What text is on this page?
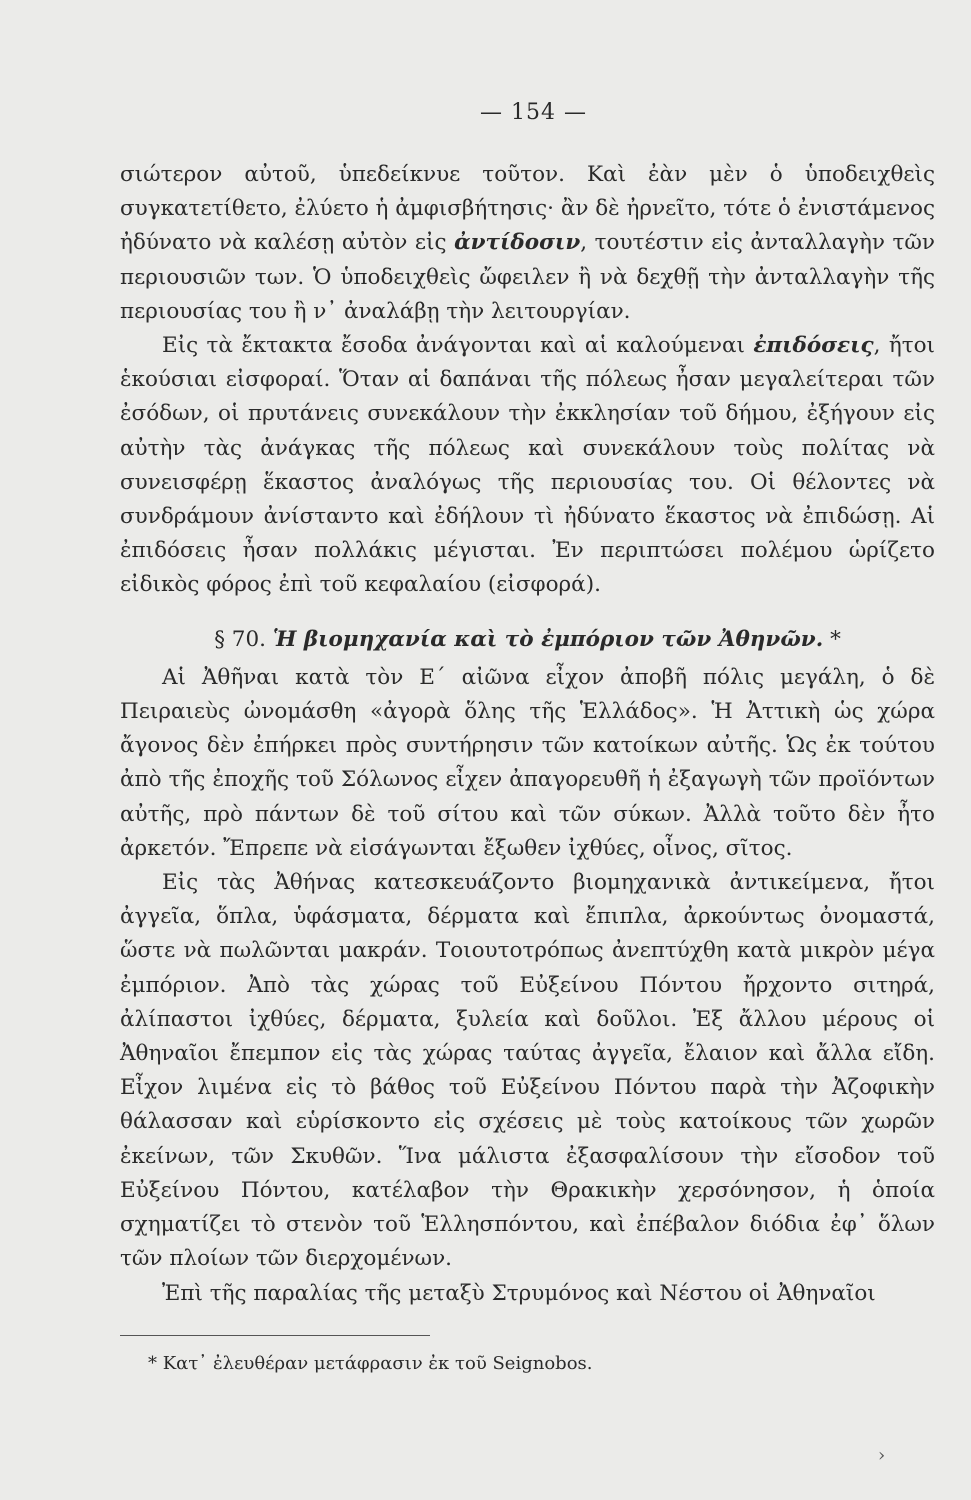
— 154 —

σιώτερον αὐτοῦ, ὑπεδείκνυε τοῦτον. Καὶ ἐὰν μὲν ὁ ὑποδειχθεὶς συγκατετίθετο, ἐλύετο ἡ ἀμφισβήτησις· ἂν δὲ ἠρνεῖτο, τότε ὁ ἐνιστάμενος ἠδύνατο νὰ καλέσῃ αὐτὸν εἰς ἀντίδοσιν, τουτέστιν εἰς ἀνταλλαγὴν τῶν περιουσιῶν των. Ὁ ὑποδειχθεὶς ὤφειλεν ἢ νὰ δεχθῇ τὴν ἀνταλλαγὴν τῆς περιουσίας του ἢ ν᾿ ἀναλάβῃ τὴν λειτουργίαν.

Εἰς τὰ ἔκτακτα ἔσοδα ἀνάγονται καὶ αἱ καλούμεναι ἐπιδόσεις, ἤτοι ἑκούσιαι εἰσφοραί. Ὅταν αἱ δαπάναι τῆς πόλεως ἦσαν μεγαλείτεραι τῶν ἐσόδων, οἱ πρυτάνεις συνεκάλουν τὴν ἐκκλησίαν τοῦ δήμου, ἐξήγουν εἰς αὐτὴν τὰς ἀνάγκας τῆς πόλεως καὶ συνεκάλουν τοὺς πολίτας νὰ συνεισφέρῃ ἕκαστος ἀναλόγως τῆς περιουσίας του. Οἱ θέλοντες νὰ συνδράμουν ἀνίσταντο καὶ ἐδήλουν τὶ ἠδύνατο ἕκαστος νὰ ἐπιδώσῃ. Αἱ ἐπιδόσεις ἦσαν πολλάκις μέγισται. Ἐν περιπτώσει πολέμου ὡρίζετο εἰδικὸς φόρος ἐπὶ τοῦ κεφαλαίου (εἰσφορά).

§ 70. Ἡ βιομηχανία καὶ τὸ ἐμπόριον τῶν Ἀθηνῶν. *

Αἱ Ἀθῆναι κατὰ τὸν Ε΄ αἰῶνα εἶχον ἀποβῆ πόλις μεγάλη, ὁ δὲ Πειραιεὺς ὠνομάσθη «ἀγορὰ ὅλης τῆς Ἑλλάδος». Ἡ Ἀττικὴ ὡς χώρα ἄγονος δὲν ἐπήρκει πρὸς συντήρησιν τῶν κατοίκων αὐτῆς. Ὡς ἐκ τούτου ἀπὸ τῆς ἐποχῆς τοῦ Σόλωνος εἶχεν ἀπαγορευθῆ ἡ ἐξαγωγὴ τῶν προϊόντων αὐτῆς, πρὸ πάντων δὲ τοῦ σίτου καὶ τῶν σύκων. Ἀλλὰ τοῦτο δὲν ἦτο ἀρκετόν. Ἔπρεπε νὰ εἰσάγωνται ἔξωθεν ἰχθύες, οἶνος, σῖτος.

Εἰς τὰς Ἀθήνας κατεσκευάζοντο βιομηχανικὰ ἀντικείμενα, ἤτοι ἀγγεῖα, ὅπλα, ὑφάσματα, δέρματα καὶ ἔπιπλα, ἀρκούντως ὀνομαστά, ὥστε νὰ πωλῶνται μακράν. Τοιουτοτρόπως ἀνεπτύχθη κατὰ μικρὸν μέγα ἐμπόριον. Ἀπὸ τὰς χώρας τοῦ Εὐξείνου Πόντου ἤρχοντο σιτηρά, ἀλίπαστοι ἰχθύες, δέρματα, ξυλεία καὶ δοῦλοι. Ἐξ ἄλλου μέρους οἱ Ἀθηναῖοι ἔπεμπον εἰς τὰς χώρας ταύτας ἀγγεῖα, ἔλαιον καὶ ἄλλα εἴδη. Εἶχον λιμένα εἰς τὸ βάθος τοῦ Εὐξείνου Πόντου παρὰ τὴν Ἀζοφικὴν θάλασσαν καὶ εὑρίσκοντο εἰς σχέσεις μὲ τοὺς κατοίκους τῶν χωρῶν ἐκείνων, τῶν Σκυθῶν. Ἵνα μάλιστα ἐξασφαλίσουν τὴν εἴσοδον τοῦ Εὐξείνου Πόντου, κατέλαβον τὴν Θρακικὴν χερσόνησον, ἡ ὁποία σχηματίζει τὸ στενὸν τοῦ Ἑλλησπόντου, καὶ ἐπέβαλον διόδια ἐφ᾿ ὅλων τῶν πλοίων τῶν διερχομένων.

Ἐπὶ τῆς παραλίας τῆς μεταξὺ Στρυμόνος καὶ Νέστου οἱ Ἀθηναῖοι

* Κατ᾿ ἐλευθέραν μετάφρασιν ἐκ τοῦ Seignobos.
›
